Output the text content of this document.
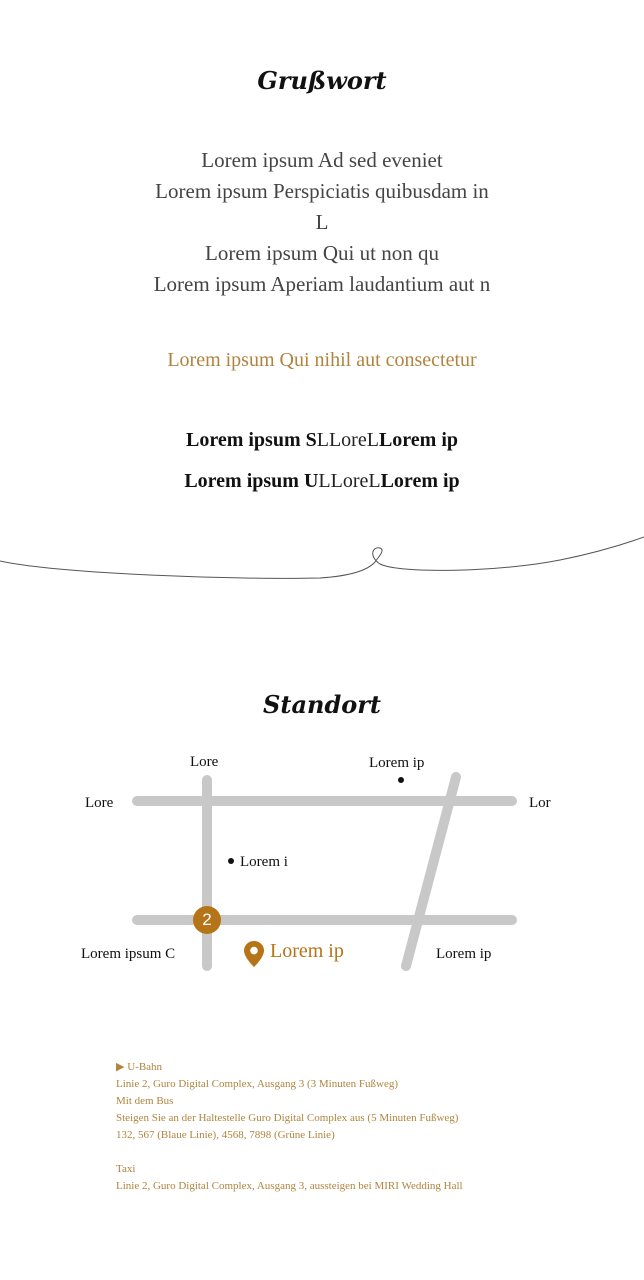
Grußwort
Lorem ipsum Ad sed eveniet
Lorem ipsum Perspiciatis quibusdam in
L
Lorem ipsum Qui ut non qu
Lorem ipsum Aperiam laudantium aut n
Lorem ipsum Qui nihil aut consectetur
Lorem ipsum SLLoreLLorem ip
Lorem ipsum ULLoreLLorem ip
Standort
Lore	Lorem ip
Lore	Lor
Lorem i
2
Lorem ipsum C	Lorem ip	Lorem ip
▶ U-Bahn
Linie 2, Guro Digital Complex, Ausgang 3 (3 Minuten Fußweg)
Mit dem Bus
Steigen Sie an der Haltestelle Guro Digital Complex aus (5 Minuten Fußweg)
132, 567 (Blaue Linie), 4568, 7898 (Grüne Linie)
Taxi
Linie 2, Guro Digital Complex, Ausgang 3, aussteigen bei MIRI Wedding Hall
